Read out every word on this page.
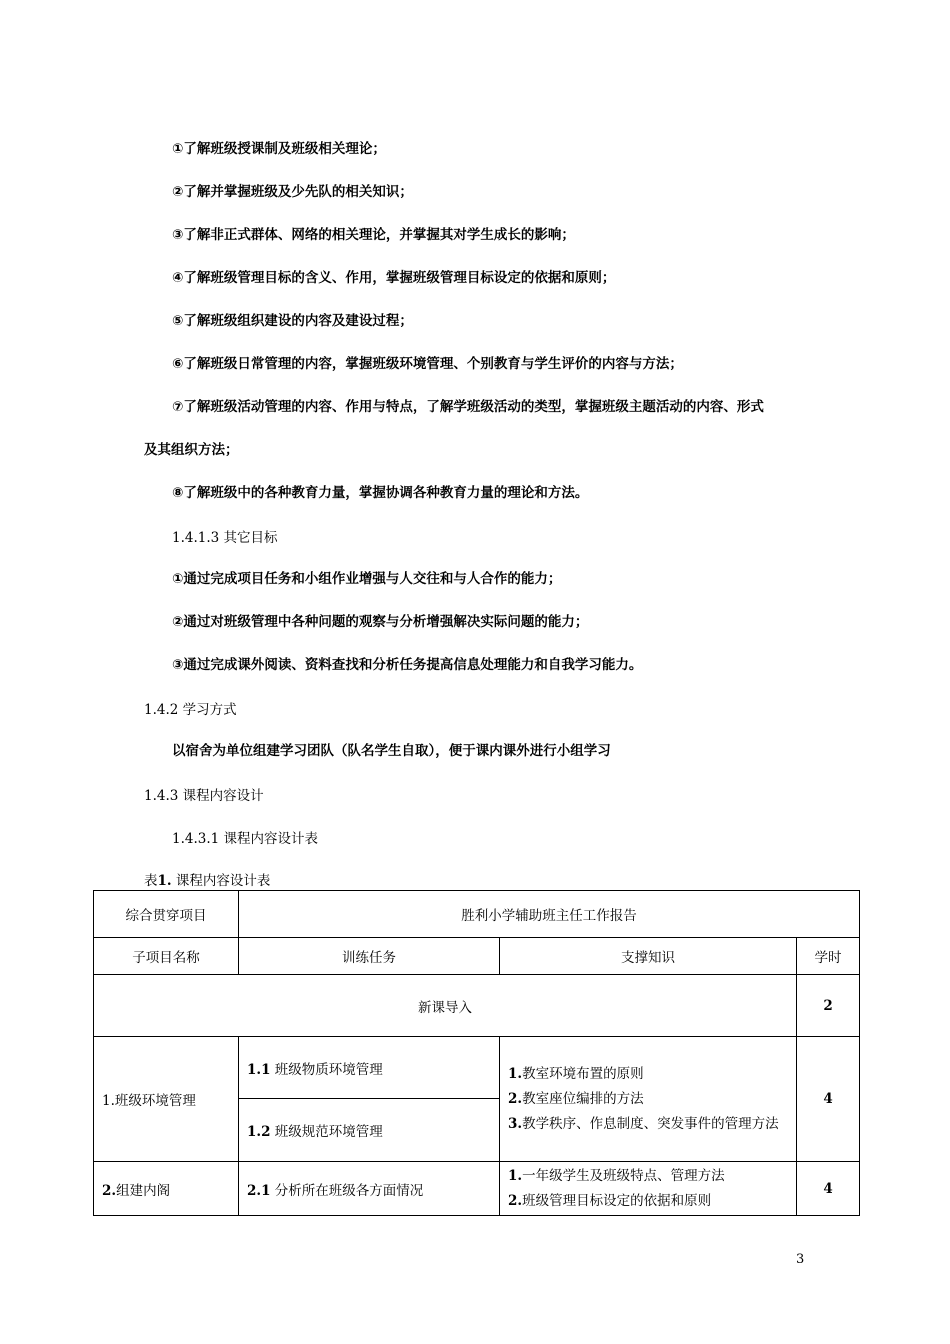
①了解班级授课制及班级相关理论；
②了解并掌握班级及少先队的相关知识；
③了解非正式群体、网络的相关理论，并掌握其对学生成长的影响；
④了解班级管理目标的含义、作用，掌握班级管理目标设定的依据和原则；
⑤了解班级组织建设的内容及建设过程；
⑥了解班级日常管理的内容，掌握班级环境管理、个别教育与学生评价的内容与方法；
⑦了解班级活动管理的内容、作用与特点，了解学班级活动的类型，掌握班级主题活动的内容、形式
及其组织方法；
⑧了解班级中的各种教育力量，掌握协调各种教育力量的理论和方法。
1.4.1.3 其它目标
①通过完成项目任务和小组作业增强与人交往和与人合作的能力；
②通过对班级管理中各种问题的观察与分析增强解决实际问题的能力；
③通过完成课外阅读、资料查找和分析任务提高信息处理能力和自我学习能力。
1.4.2 学习方式
以宿舍为单位组建学习团队（队名学生自取），便于课内课外进行小组学习
1.4.3 课程内容设计
1.4.3.1 课程内容设计表
表1. 课程内容设计表
综合贯穿项目	胜利小学辅助班主任工作报告		
子项目名称	训练任务	支撑知识	学时
新课导入			2
1.班级环境管理	1.1 班级物质环境管理	1.教室环境布置的原则
2.教室座位编排的方法
3.教学秩序、作息制度、突发事件的管理方法	4
	1.2 班级规范环境管理		
2.组建内阁	2.1 分析所在班级各方面情况	1.一年级学生及班级特点、管理方法
2.班级管理目标设定的依据和原则	4
3
